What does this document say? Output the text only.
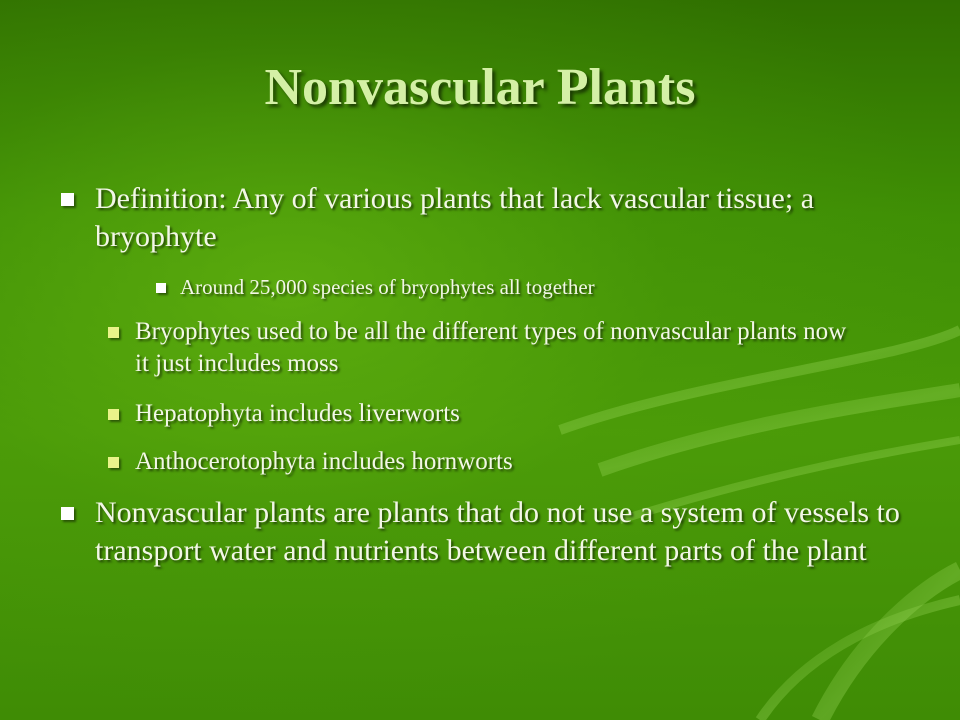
Nonvascular Plants
Definition: Any of various plants that lack vascular tissue; a bryophyte
Around 25,000 species of bryophytes all together
Bryophytes used to be all the different types of nonvascular plants now it just includes moss
Hepatophyta includes liverworts
Anthocerotophyta includes hornworts
Nonvascular plants are plants that do not use a system of vessels to transport water and nutrients between different parts of the plant
